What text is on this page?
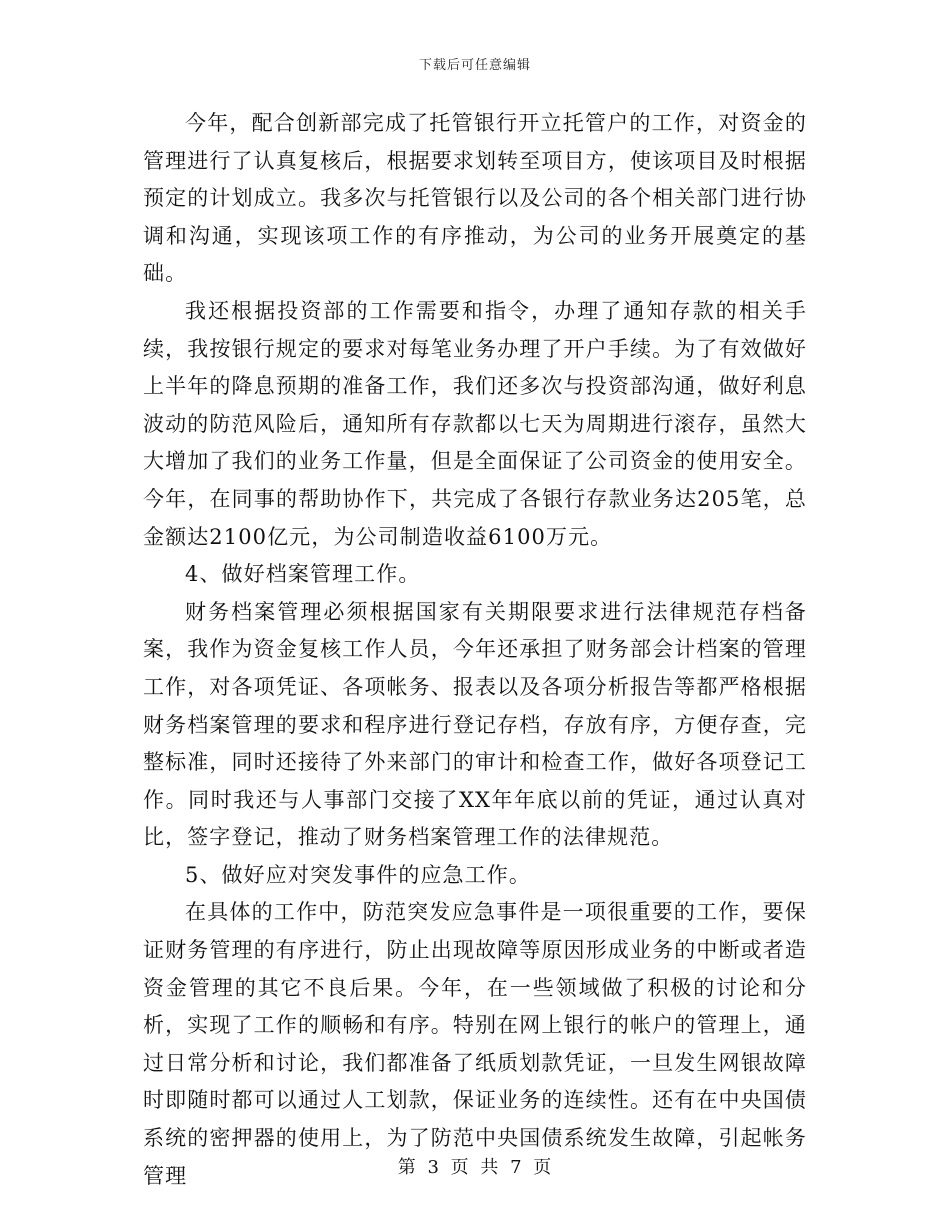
下载后可任意编辑

今年，配合创新部完成了托管银行开立托管户的工作，对资金的管理进行了认真复核后，根据要求划转至项目方，使该项目及时根据预定的计划成立。我多次与托管银行以及公司的各个相关部门进行协调和沟通，实现该项工作的有序推动，为公司的业务开展奠定的基础。

我还根据投资部的工作需要和指令，办理了通知存款的相关手续，我按银行规定的要求对每笔业务办理了开户手续。为了有效做好上半年的降息预期的准备工作，我们还多次与投资部沟通，做好利息波动的防范风险后，通知所有存款都以七天为周期进行滚存，虽然大大增加了我们的业务工作量，但是全面保证了公司资金的使用安全。今年，在同事的帮助协作下，共完成了各银行存款业务达205笔，总金额达2100亿元，为公司制造收益6100万元。

4、做好档案管理工作。

财务档案管理必须根据国家有关期限要求进行法律规范存档备案，我作为资金复核工作人员，今年还承担了财务部会计档案的管理工作，对各项凭证、各项帐务、报表以及各项分析报告等都严格根据财务档案管理的要求和程序进行登记存档，存放有序，方便存查，完整标准，同时还接待了外来部门的审计和检查工作，做好各项登记工作。同时我还与人事部门交接了XX年年底以前的凭证，通过认真对比，签字登记，推动了财务档案管理工作的法律规范。

5、做好应对突发事件的应急工作。

在具体的工作中，防范突发应急事件是一项很重要的工作，要保证财务管理的有序进行，防止出现故障等原因形成业务的中断或者造资金管理的其它不良后果。今年，在一些领域做了积极的讨论和分析，实现了工作的顺畅和有序。特别在网上银行的帐户的管理上，通过日常分析和讨论，我们都准备了纸质划款凭证，一旦发生网银故障时即随时都可以通过人工划款，保证业务的连续性。还有在中央国债系统的密押器的使用上，为了防范中央国债系统发生故障，引起帐务管理	第 3 页 共 7 页
